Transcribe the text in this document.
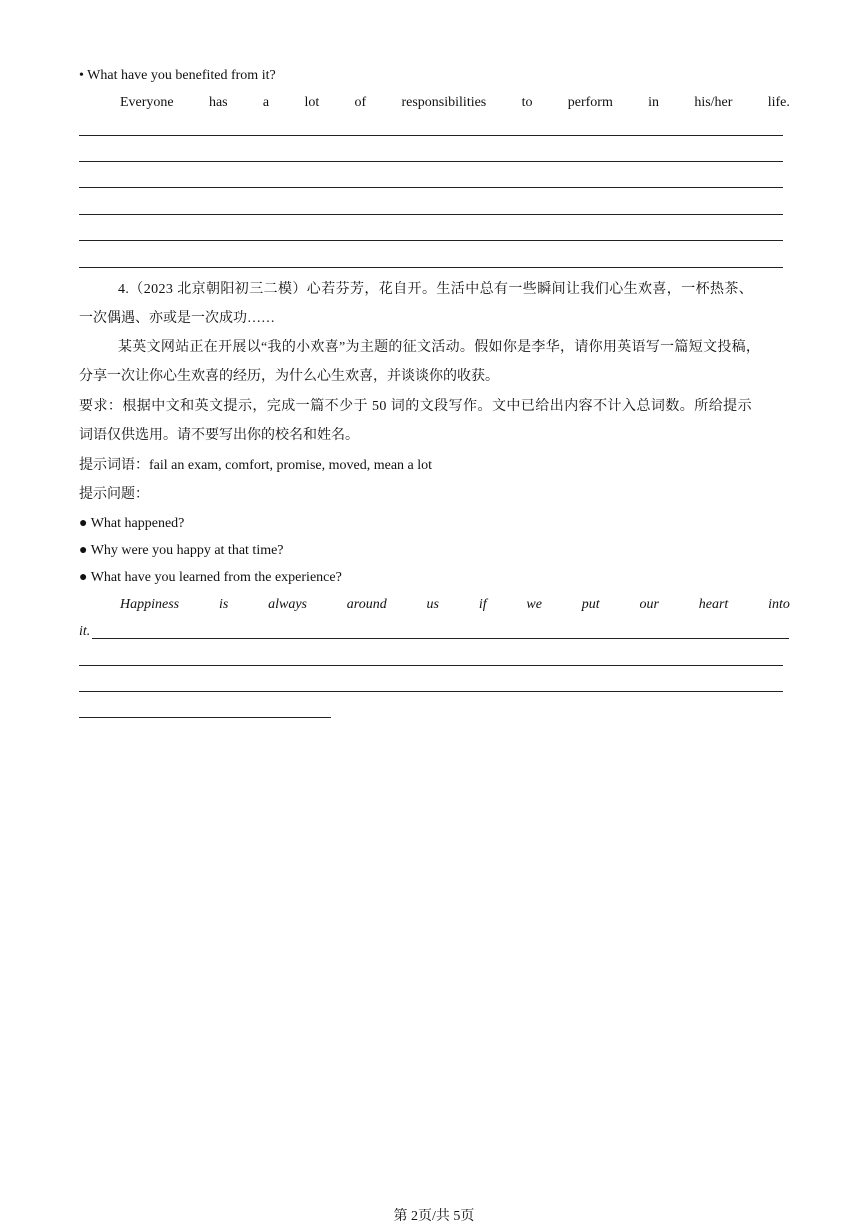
• What have you benefited from it?
Everyone	has	a	lot	of	responsibilities	to	perform	in	his/her	life.
4.（2023 北京朝阳初三二模）心若芬芳，花自开。生活中总有一些瞬间让我们心生欢喜，一杯热茶、
一次偶遇、亦或是一次成功……
某英文网站正在开展以“我的小欢喜”为主题的征文活动。假如你是李华，请你用英语写一篇短文投稿，
分享一次让你心生欢喜的经历，为什么心生欢喜，并谈谈你的收获。
要求：根据中文和英文提示，完成一篇不少于 50 词的文段写作。文中已给出内容不计入总词数。所给提示
词语仅供选用。请不要写出你的校名和姓名。
提示词语：fail an exam, comfort, promise, moved, mean a lot
提示问题：
● What happened?
● Why were you happy at that time?
● What have you learned from the experience?
Happiness	is	always	around	us	if	we	put	our	heart	into
it.
第 2页/共 5页
